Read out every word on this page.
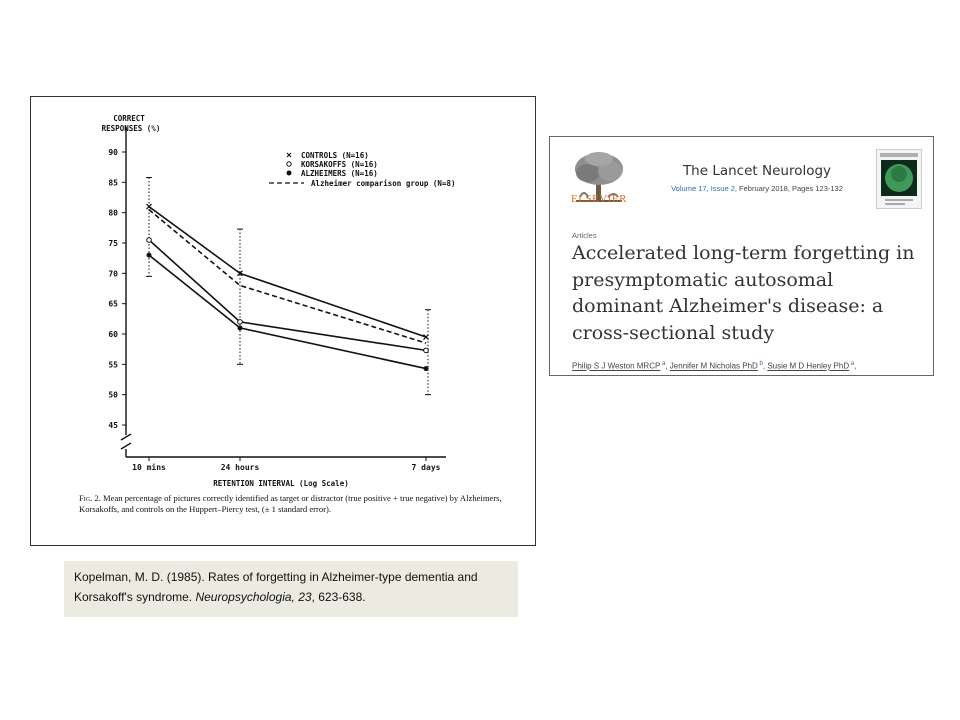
45
50
55
60
65
70
75
80
85
90
CORRECT
RESPONSES (%)
10 mins	24 hours	7 days
RETENTION INTERVAL (Log Scale)
CONTROLS (N=16)
KORSAKOFFS (N=16)
ALZHEIMERS (N=16)
Alzheimer comparison group (N=8)
Fig. 2. Mean percentage of pictures correctly identified as target or distractor (true positive + true negative) by Alzheimers, Korsakoffs, and controls on the Huppert–Piercy test, (± 1 standard error).
Kopelman, M. D. (1985). Rates of forgetting in Alzheimer-type dementia and Korsakoff's syndrome. Neuropsychologia, 23, 623-638.
ELSEVIER
The Lancet Neurology
Volume 17, Issue 2, February 2018, Pages 123-132
Articles
Accelerated long-term forgetting in presymptomatic autosomal dominant Alzheimer's disease: a cross-sectional study
Philip S J Weston MRCP $^a$, Jennifer M Nicholas PhD $^b$, Susie M D Henley PhD $^a$,
